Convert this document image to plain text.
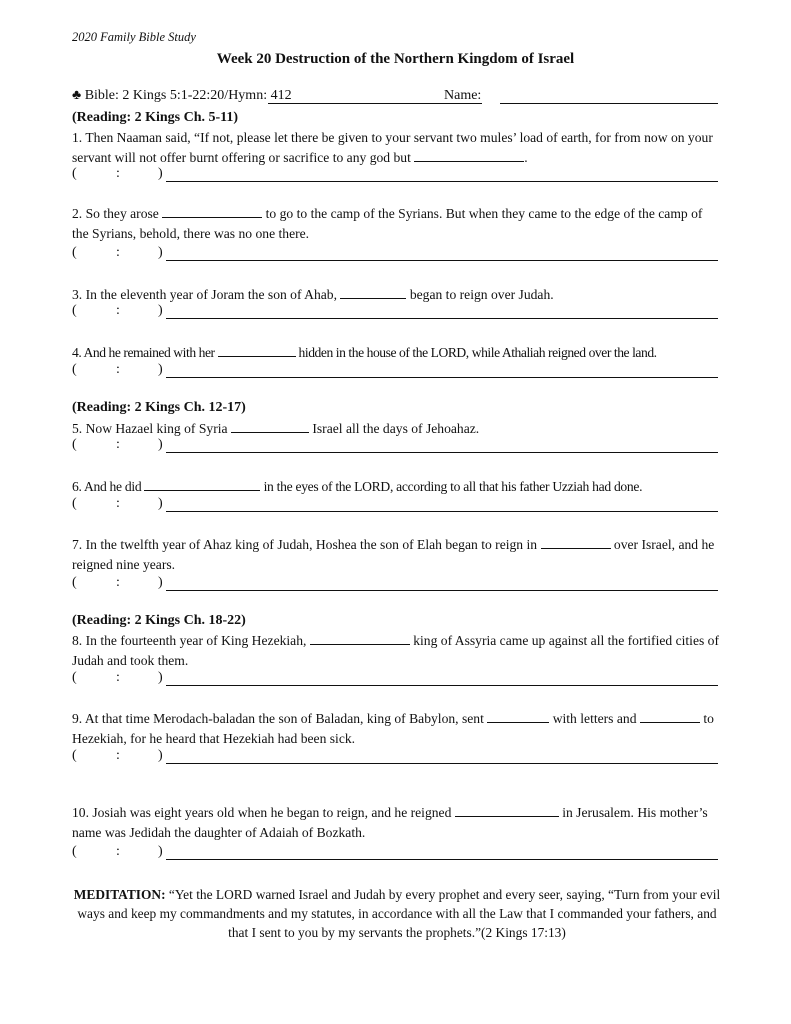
2020 Family Bible Study
Week 20 Destruction of the Northern Kingdom of Israel
♣ Bible: 2 Kings 5:1-22:20/Hymn: 412	Name:
(Reading: 2 Kings Ch. 5-11)
1. Then Naaman said, “If not, please let there be given to your servant two mules’ load of earth, for from now on your servant will not offer burnt offering or sacrifice to any god but	.
(	:	)
2. So they arose	to go to the camp of the Syrians. But when they came to the edge of the camp of the Syrians, behold, there was no one there.
(	:	)
3. In the eleventh year of Joram the son of Ahab,	began to reign over Judah.
(	:	)
4. And he remained with her	hidden in the house of the LORD, while Athaliah reigned over the land.
(	:	)
(Reading: 2 Kings Ch. 12-17)
5. Now Hazael king of Syria	Israel all the days of Jehoahaz.
(	:	)
6. And he did	in the eyes of the LORD, according to all that his father Uzziah had done.
(	:	)
7. In the twelfth year of Ahaz king of Judah, Hoshea the son of Elah began to reign in	over Israel, and he reigned nine years.
(	:	)
(Reading: 2 Kings Ch. 18-22)
8. In the fourteenth year of King Hezekiah,	king of Assyria came up against all the fortified cities of Judah and took them.
(	:	)
9. At that time Merodach-baladan the son of Baladan, king of Babylon, sent	with letters and	to Hezekiah, for he heard that Hezekiah had been sick.
(	:	)
10. Josiah was eight years old when he began to reign, and he reigned	in Jerusalem. His mother’s name was Jedidah the daughter of Adaiah of Bozkath.
(	:	)
MEDITATION: “Yet the LORD warned Israel and Judah by every prophet and every seer, saying, “Turn from your evil ways and keep my commandments and my statutes, in accordance with all the Law that I commanded your fathers, and that I sent to you by my servants the prophets.”(2 Kings 17:13)
